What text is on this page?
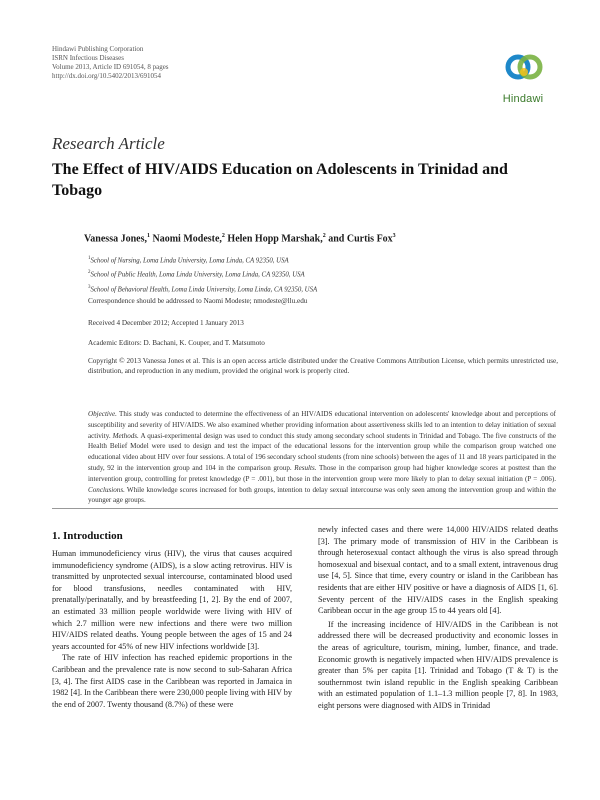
Hindawi Publishing Corporation
ISRN Infectious Diseases
Volume 2013, Article ID 691054, 8 pages
http://dx.doi.org/10.5402/2013/691054
Hindawi
Research Article
The Effect of HIV/AIDS Education on Adolescents in Trinidad and Tobago
Vanessa Jones,$^1$ Naomi Modeste,$^2$ Helen Hopp Marshak,$^2$ and Curtis Fox$^3$
$^1$School of Nursing, Loma Linda University, Loma Linda, CA 92350, USA
$^2$School of Public Health, Loma Linda University, Loma Linda, CA 92350, USA
$^3$School of Behavioral Health, Loma Linda University, Loma Linda, CA 92350, USA
Correspondence should be addressed to Naomi Modeste; nmodeste@llu.edu
Received 4 December 2012; Accepted 1 January 2013
Academic Editors: D. Bachani, K. Couper, and T. Matsumoto
Copyright © 2013 Vanessa Jones et al. This is an open access article distributed under the Creative Commons Attribution License, which permits unrestricted use, distribution, and reproduction in any medium, provided the original work is properly cited.
Objective. This study was conducted to determine the effectiveness of an HIV/AIDS educational intervention on adolescents' knowledge about and perceptions of susceptibility and severity of HIV/AIDS. We also examined whether providing information about assertiveness skills led to an intention to delay initiation of sexual activity. Methods. A quasi-experimental design was used to conduct this study among secondary school students in Trinidad and Tobago. The five constructs of the Health Belief Model were used to design and test the impact of the educational lessons for the intervention group while the comparison group watched one educational video about HIV over four sessions. A total of 196 secondary school students (from nine schools) between the ages of 11 and 18 years participated in the study, 92 in the intervention group and 104 in the comparison group. Results. Those in the comparison group had higher knowledge scores at posttest than the intervention group, controlling for pretest knowledge (P = .001), but those in the intervention group were more likely to plan to delay sexual initiation (P = .006). Conclusions. While knowledge scores increased for both groups, intention to delay sexual intercourse was only seen among the intervention group and within the younger age groups.
1. Introduction

Human immunodeficiency virus (HIV), the virus that causes acquired immunodeficiency syndrome (AIDS), is a slow acting retrovirus. HIV is transmitted by unprotected sexual intercourse, contaminated blood used for blood transfusions, needles contaminated with HIV, prenatally/perinatally, and by breastfeeding [1, 2]. By the end of 2007, an estimated 33 million people worldwide were living with HIV of which 2.7 million were new infections and there were two million HIV/AIDS related deaths. Young people between the ages of 15 and 24 years accounted for 45% of new HIV infections worldwide [3].

The rate of HIV infection has reached epidemic proportions in the Caribbean and the prevalence rate is now second to sub-Saharan Africa [3, 4]. The first AIDS case in the Caribbean was reported in Jamaica in 1982 [4]. In the Caribbean there were 230,000 people living with HIV by the end of 2007. Twenty thousand (8.7%) of these were

newly infected cases and there were 14,000 HIV/AIDS related deaths [3]. The primary mode of transmission of HIV in the Caribbean is through heterosexual contact although the virus is also spread through homosexual and bisexual contact, and to a small extent, intravenous drug use [4, 5]. Since that time, every country or island in the Caribbean has residents that are either HIV positive or have a diagnosis of AIDS [1, 6]. Seventy percent of the HIV/AIDS cases in the English speaking Caribbean occur in the age group 15 to 44 years old [4].

If the increasing incidence of HIV/AIDS in the Caribbean is not addressed there will be decreased productivity and economic losses in the areas of agriculture, tourism, mining, lumber, finance, and trade. Economic growth is negatively impacted when HIV/AIDS prevalence is greater than 5% per capita [1]. Trinidad and Tobago (T & T) is the southernmost twin island republic in the English speaking Caribbean with an estimated population of 1.1–1.3 million people [7, 8]. In 1983, eight persons were diagnosed with AIDS in Trinidad
